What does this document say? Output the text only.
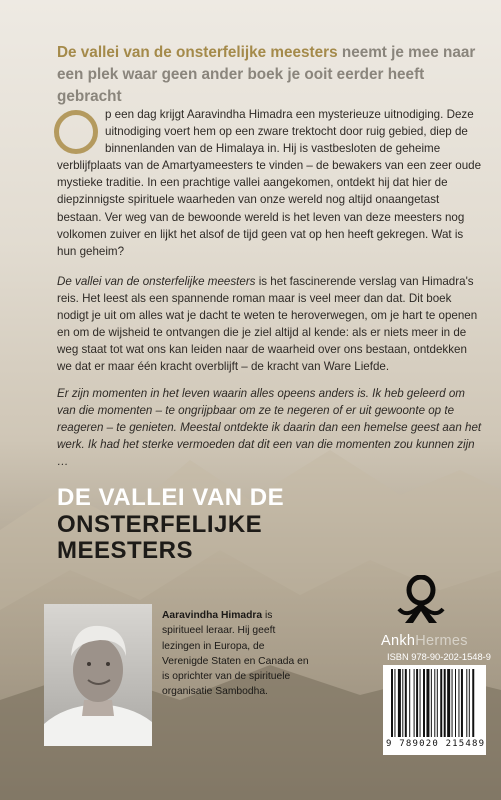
De vallei van de onsterfelijke meesters neemt je mee naar een plek waar geen ander boek je ooit eerder heeft gebracht

p een dag krijgt Aaravindha Himadra een mysterieuze uitnodiging. Deze uitnodiging voert hem op een zware trektocht door ruig gebied, diep de binnenlanden van de Himalaya in. Hij is vastbesloten de geheime verblijfplaats van de Amartyameesters te vinden – de bewakers van een zeer oude mystieke traditie. In een prachtige vallei aangekomen, ontdekt hij dat hier de diepzinnigste spirituele waarheden van onze wereld nog altijd onaangetast bestaan. Ver weg van de bewoonde wereld is het leven van deze meesters nog volkomen zuiver en lijkt het alsof de tijd geen vat op hen heeft gekregen. Wat is hun geheim?

De vallei van de onsterfelijke meesters is het fascinerende verslag van Himadra's reis. Het leest als een spannende roman maar is veel meer dan dat. Dit boek nodigt je uit om alles wat je dacht te weten te heroverwegen, om je hart te openen en om de wijsheid te ontvangen die je ziel altijd al kende: als er niets meer in de weg staat tot wat ons kan leiden naar de waarheid over ons bestaan, ontdekken we dat er maar één kracht overblijft – de kracht van Ware Liefde.

Er zijn momenten in het leven waarin alles opeens anders is. Ik heb geleerd om van die momenten – te ongrijpbaar om ze te negeren of er uit gewoonte op te reageren – te genieten. Meestal ontdekte ik daarin dan een hemelse geest aan het werk. Ik had het sterke vermoeden dat dit een van die momenten zou kunnen zijn …

DE VALLEI VAN DE
ONSTERFELIJKE
MEESTERS

Aaravindha Himadra is spiritueel leraar. Hij geeft lezingen in Europa, de Verenigde Staten en Canada en is oprichter van de spirituele organisatie Sambodha.

AnkhHermes
ISBN 978-90-202-1548-9
9 789020 215489
